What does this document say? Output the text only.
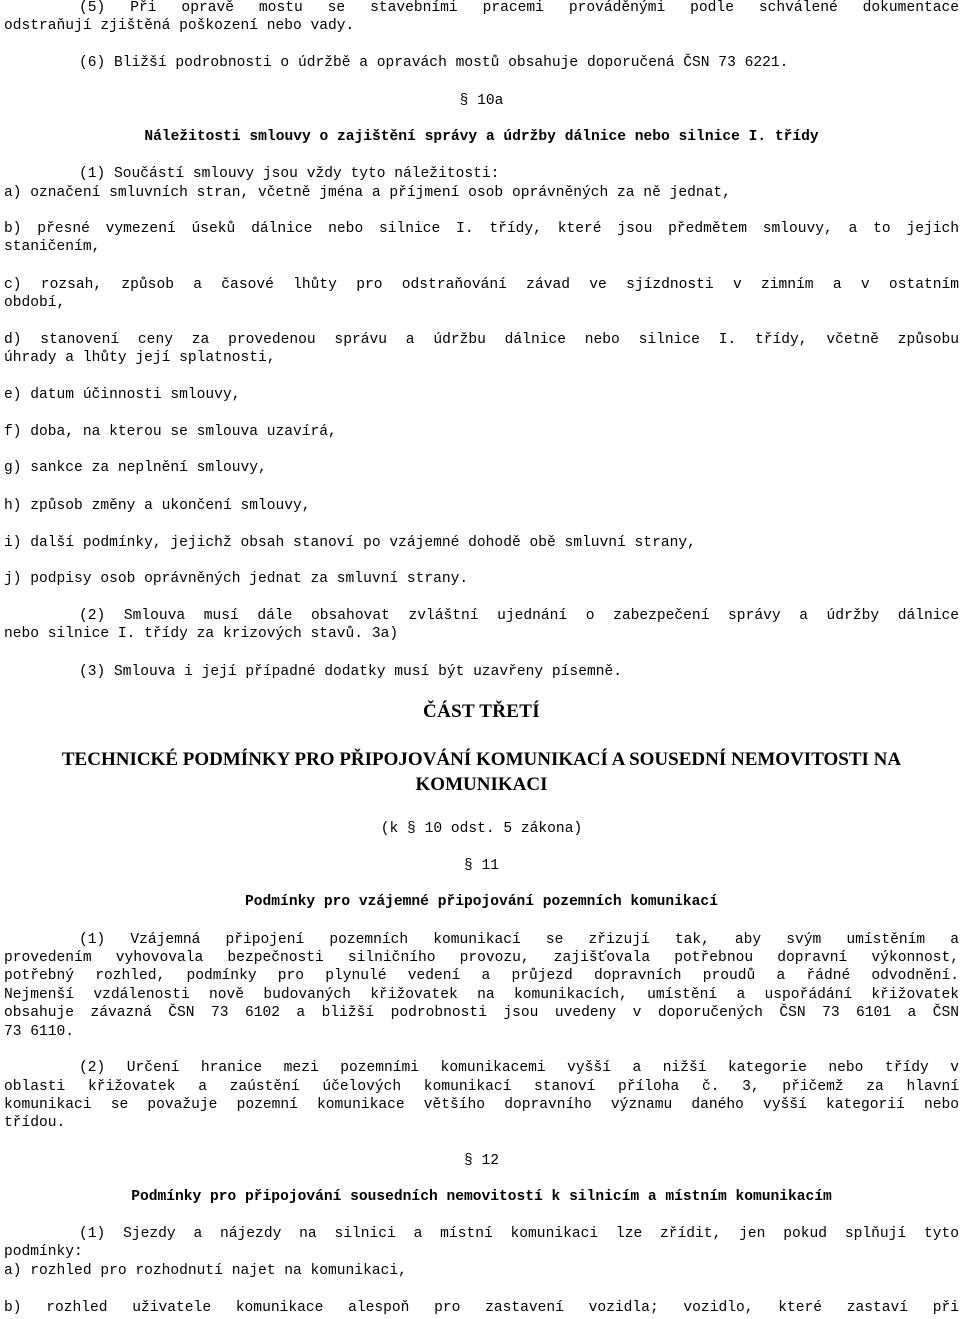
(5) Při opravě mostu se stavebními pracemi prováděnými podle schválené dokumentace
odstraňují zjištěná poškození nebo vady.
(6) Bližší podrobnosti o údržbě a opravách mostů obsahuje doporučená ČSN 73 6221.
§ 10a
Náležitosti smlouvy o zajištění správy a údržby dálnice nebo silnice I. třídy
(1) Součástí smlouvy jsou vždy tyto náležitosti:
a) označení smluvních stran, včetně jména a příjmení osob oprávněných za ně jednat,
b) přesné vymezení úseků dálnice nebo silnice I. třídy, které jsou předmětem smlouvy, a to jejich
staničením,
c) rozsah, způsob a časové lhůty pro odstraňování závad ve sjízdnosti v zimním a v ostatním
období,
d) stanovení ceny za provedenou správu a údržbu dálnice nebo silnice I. třídy, včetně způsobu
úhrady a lhůty její splatnosti,
e) datum účinnosti smlouvy,
f) doba, na kterou se smlouva uzavírá,
g) sankce za neplnění smlouvy,
h) způsob změny a ukončení smlouvy,
i) další podmínky, jejichž obsah stanoví po vzájemné dohodě obě smluvní strany,
j) podpisy osob oprávněných jednat za smluvní strany.
(2) Smlouva musí dále obsahovat zvláštní ujednání o zabezpečení správy a údržby dálnice
nebo silnice I. třídy za krizových stavů. 3a)
(3) Smlouva i její případné dodatky musí být uzavřeny písemně.
ČÁST TŘETÍ
TECHNICKÉ PODMÍNKY PRO PŘIPOJOVÁNÍ KOMUNIKACÍ A SOUSEDNÍ NEMOVITOSTI NA
KOMUNIKACI
(k § 10 odst. 5 zákona)
§ 11
Podmínky pro vzájemné připojování pozemních komunikací
(1) Vzájemná připojení pozemních komunikací se zřizují tak, aby svým umístěním a
provedením vyhovovala bezpečnosti silničního provozu, zajišťovala potřebnou dopravní výkonnost,
potřebný rozhled, podmínky pro plynulé vedení a průjezd dopravních proudů a řádné odvodnění.
Nejmenší vzdálenosti nově budovaných křižovatek na komunikacích, umístění a uspořádání křižovatek
obsahuje závazná ČSN 73 6102 a bližší podrobnosti jsou uvedeny v doporučených ČSN 73 6101 a ČSN
73 6110.
(2) Určení hranice mezi pozemními komunikacemi vyšší a nižší kategorie nebo třídy v
oblasti křižovatek a zaústění účelových komunikací stanoví příloha č. 3, přičemž za hlavní
komunikaci se považuje pozemní komunikace většího dopravního významu daného vyšší kategorií nebo
třídou.
§ 12
Podmínky pro připojování sousedních nemovitostí k silnicím a místním komunikacím
(1) Sjezdy a nájezdy na silnici a místní komunikaci lze zřídit, jen pokud splňují tyto
podmínky:
a) rozhled pro rozhodnutí najet na komunikaci,
b) rozhled uživatele komunikace alespoň pro zastavení vozidla; vozidlo, které zastaví při
